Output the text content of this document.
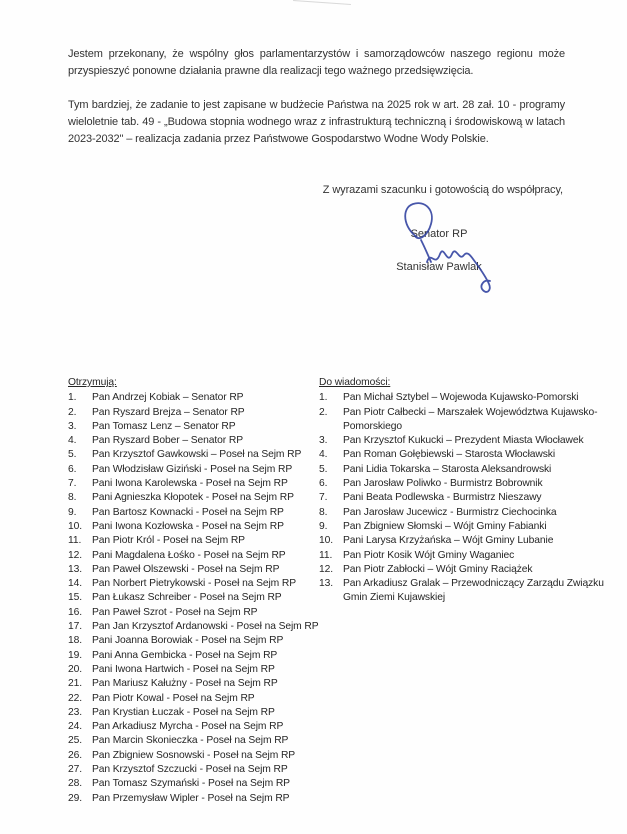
Jestem przekonany, że wspólny głos parlamentarzystów i samorządowców naszego regionu może przyspieszyć ponowne działania prawne dla realizacji tego ważnego przedsięwzięcia.

Tym bardziej, że zadanie to jest zapisane w budżecie Państwa na 2025 rok w art. 28 zał. 10 - programy wieloletnie tab. 49 - „Budowa stopnia wodnego wraz z infrastrukturą techniczną i środowiskową w latach 2023-2032" – realizacja zadania przez Państwowe Gospodarstwo Wodne Wody Polskie.

Z wyrazami szacunku i gotowością do współpracy,
Senator RP
Stanisław Pawlak
Otrzymują:
1.	Pan Andrzej Kobiak – Senator RP
2.	Pan Ryszard Brejza – Senator RP
3.	Pan Tomasz Lenz – Senator RP
4.	Pan Ryszard Bober – Senator RP
5.	Pan Krzysztof Gawkowski – Poseł na Sejm RP
6.	Pan Włodzisław Giziński - Poseł na Sejm RP
7.	Pani Iwona Karolewska - Poseł na Sejm RP
8.	Pani Agnieszka Kłopotek - Poseł na Sejm RP
9.	Pan Bartosz Kownacki - Poseł na Sejm RP
10. Pani Iwona Kozłowska - Poseł na Sejm RP
11.	Pan Piotr Król - Poseł na Sejm RP
12. Pani Magdalena Łośko - Poseł na Sejm RP
13. Pan Paweł Olszewski - Poseł na Sejm RP
14. Pan Norbert Pietrykowski - Poseł na Sejm RP
15. Pan Łukasz Schreiber - Poseł na Sejm RP
16. Pan Paweł Szrot - Poseł na Sejm RP
17. Pan Jan Krzysztof Ardanowski - Poseł na Sejm RP
18. Pani Joanna Borowiak - Poseł na Sejm RP
19. Pani Anna Gembicka - Poseł na Sejm RP
20. Pani Iwona Hartwich - Poseł na Sejm RP
21. Pan Mariusz Kałużny - Poseł na Sejm RP
22. Pan Piotr Kowal - Poseł na Sejm RP
23. Pan Krystian Łuczak - Poseł na Sejm RP
24. Pan Arkadiusz Myrcha - Poseł na Sejm RP
25. Pan Marcin Skonieczka - Poseł na Sejm RP
26. Pan Zbigniew Sosnowski - Poseł na Sejm RP
27. Pan Krzysztof Szczucki - Poseł na Sejm RP
28. Pan Tomasz Szymański - Poseł na Sejm RP
29. Pan Przemysław Wipler - Poseł na Sejm RP
Do wiadomości:
1.	Pan Michał Sztybel – Wojewoda Kujawsko-Pomorski
2.	Pan Piotr Całbecki – Marszałek Województwa Kujawsko-Pomorskiego
3.	Pan Krzysztof Kukucki – Prezydent Miasta Włocławek
4.	Pan Roman Gołębiewski – Starosta Włocławski
5.	Pani Lidia Tokarska – Starosta Aleksandrowski
6.	Pan Jarosław Poliwko - Burmistrz Bobrownik
7.	Pani Beata Podlewska - Burmistrz Nieszawy
8.	Pan Jarosław Jucewicz - Burmistrz Ciechocinka
9.	Pan Zbigniew Słomski – Wójt Gminy Fabianki
10. Pani Larysa Krzyżańska – Wójt Gminy Lubanie
11.	Pan Piotr Kosik Wójt Gminy Waganiec
12. Pan Piotr Zabłocki – Wójt Gminy Raciążek
13. Pan Arkadiusz Gralak – Przewodniczący Zarządu Związku Gmin Ziemi Kujawskiej
